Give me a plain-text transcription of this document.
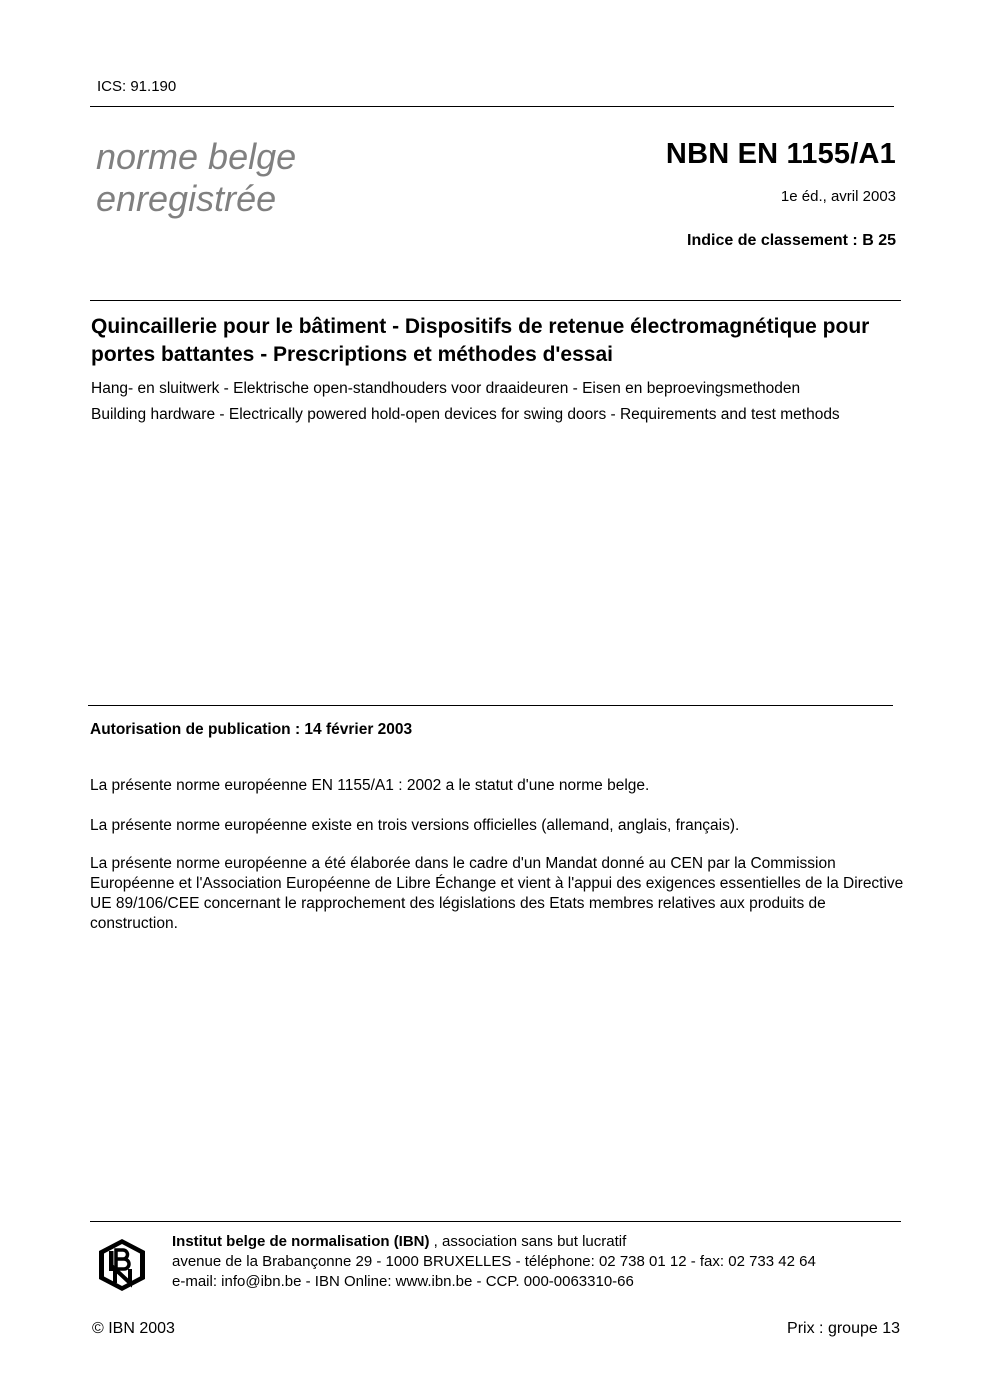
ICS: 91.190
norme belge
enregistrée
NBN EN 1155/A1
1e éd., avril 2003
Indice de classement : B 25
Quincaillerie pour le bâtiment - Dispositifs de retenue électromagnétique pour portes battantes - Prescriptions et méthodes d'essai
Hang- en sluitwerk - Elektrische open-standhouders voor draaideuren - Eisen en beproevingsmethoden
Building hardware - Electrically powered hold-open devices for swing doors - Requirements and test methods
Autorisation de publication : 14 février 2003
La présente norme européenne EN 1155/A1 : 2002 a le statut d'une norme belge.
La présente norme européenne existe en trois versions officielles (allemand, anglais, français).
La présente norme européenne a été élaborée dans le cadre d'un Mandat donné au CEN par la Commission Européenne et l'Association Européenne de Libre Échange et vient à l'appui des exigences essentielles de la Directive UE 89/106/CEE concernant le rapprochement des législations des Etats membres relatives aux produits de construction.
Institut belge de normalisation (IBN) , association sans but lucratif
avenue de la Brabançonne 29 - 1000 BRUXELLES - téléphone: 02 738 01 12 - fax: 02 733 42 64
e-mail: info@ibn.be - IBN Online: www.ibn.be - CCP. 000-0063310-66
© IBN 2003	Prix : groupe 13
